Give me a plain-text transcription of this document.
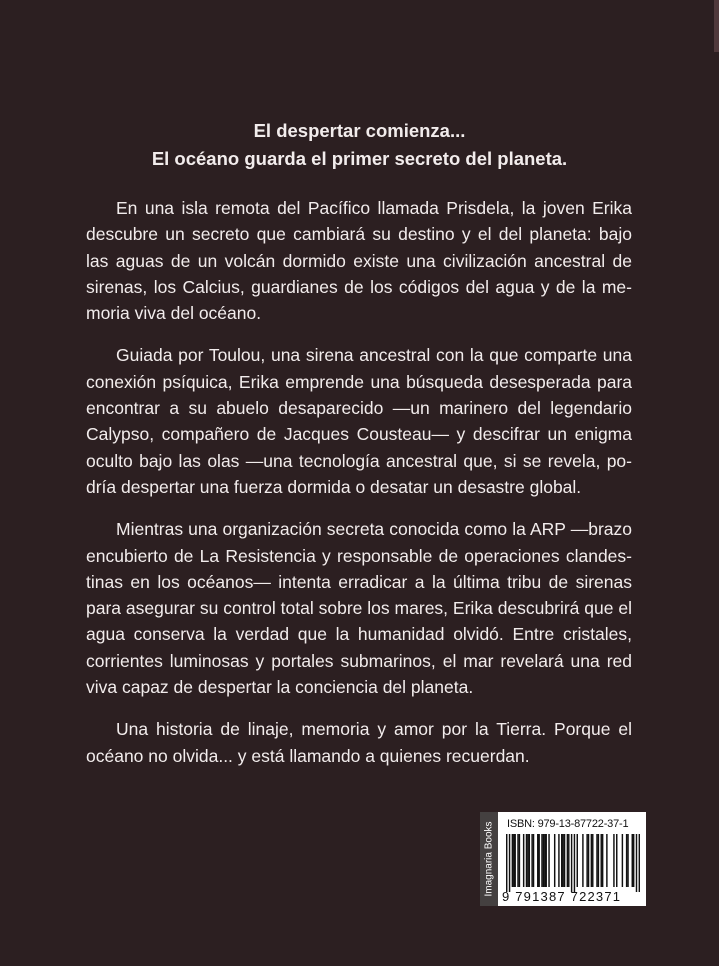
El despertar comienza...
El océano guarda el primer secreto del planeta.

En una isla remota del Pacífico llamada Prisdela, la joven Erika descubre un secreto que cambiará su destino y el del planeta: bajo las aguas de un volcán dormido existe una civilización ancestral de sirenas, los Calcius, guardianes de los códigos del agua y de la memoria viva del océano.

Guiada por Toulou, una sirena ancestral con la que comparte una conexión psíquica, Erika emprende una búsqueda desesperada para encontrar a su abuelo desaparecido —un marinero del legendario Calypso, compañero de Jacques Cousteau— y descifrar un enigma oculto bajo las olas —una tecnología ancestral que, si se revela, podría despertar una fuerza dormida o desatar un desastre global.

Mientras una organización secreta conocida como la ARP —brazo encubierto de La Resistencia y responsable de operaciones clandestinas en los océanos— intenta erradicar a la última tribu de sirenas para asegurar su control total sobre los mares, Erika descubrirá que el agua conserva la verdad que la humanidad olvidó. Entre cristales, corrientes luminosas y portales submarinos, el mar revelará una red viva capaz de despertar la conciencia del planeta.

Una historia de linaje, memoria y amor por la Tierra. Porque el océano no olvida... y está llamando a quienes recuerdan.

Imagnaria Books ISBN: 979-13-87722-37-1
9 791387 722371
